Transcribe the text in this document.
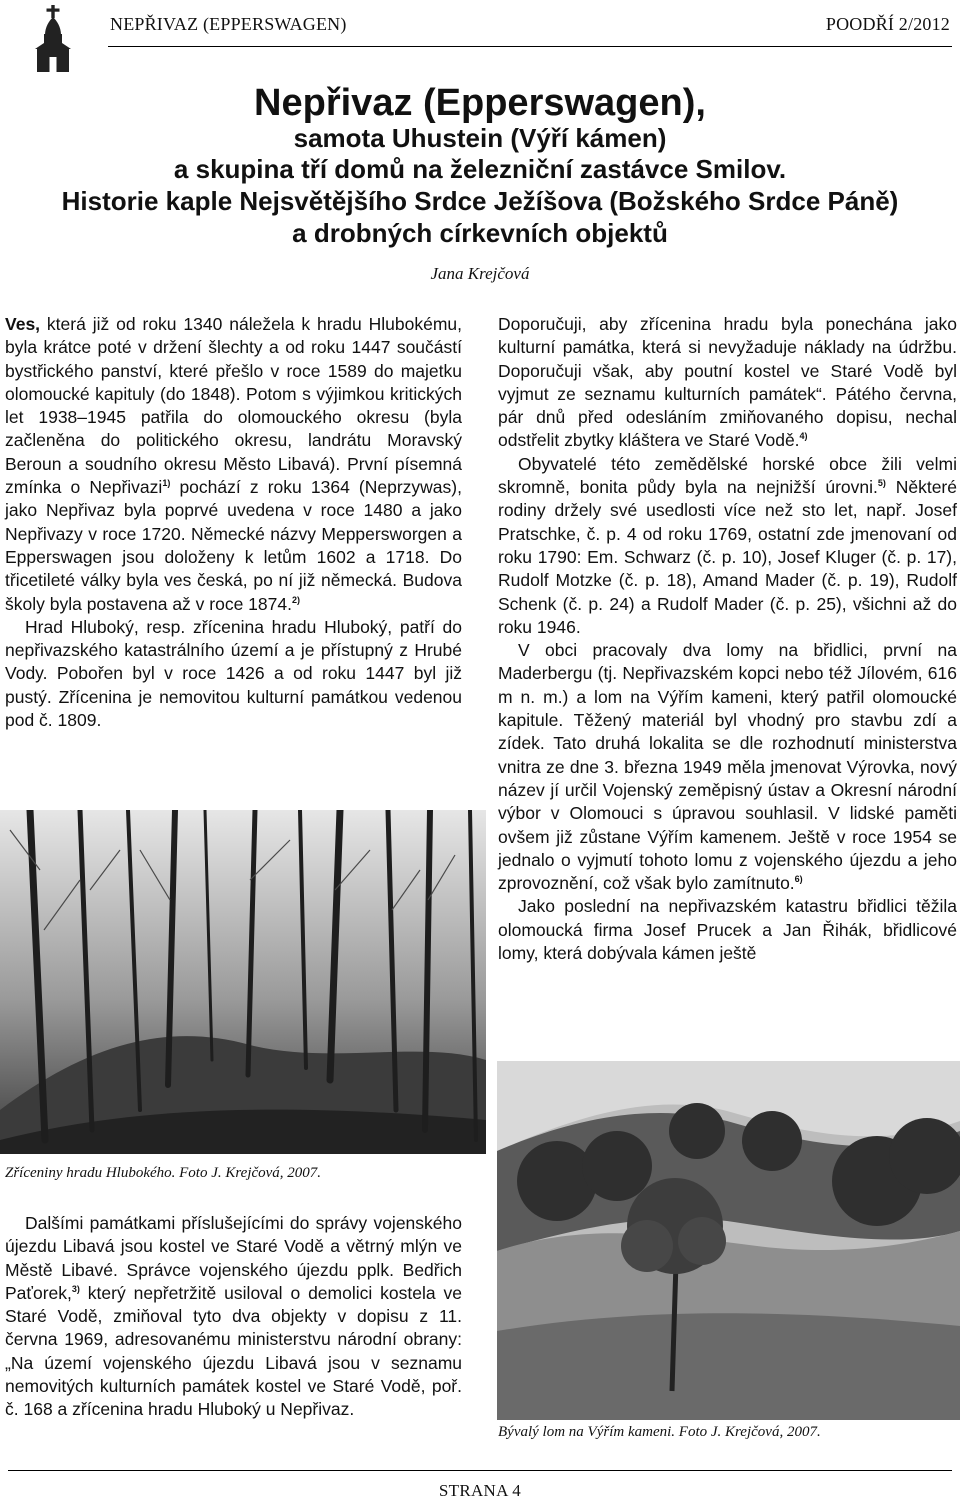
NEPŘIVAZ (EPPERSWAGEN)	POODŘÍ 2/2012
Nepřivaz (Epperswagen),
samota Uhustein (Výří kámen)
a skupina tří domů na železniční zastávce Smilov.
Historie kaple Nejsvětějšího Srdce Ježíšova (Božského Srdce Páně)
a drobných církevních objektů
Jana Krejčová

Ves, která již od roku 1340 náležela k hradu Hlubokému, byla krátce poté v držení šlechty a od roku 1447 součástí bystřického panství, které přešlo v roce 1589 do majetku olomoucké kapituly (do 1848). Potom s výjimkou kritických let 1938–1945 patřila do olomouckého okresu (byla začleněna do politického okresu, landrátu Moravský Beroun a soudního okresu Město Libavá). První písemná zmínka o Nepřivazi$^{1)}$ pochází z roku 1364 (Neprzywas), jako Nepřivaz byla poprvé uvedena v roce 1480 a jako Nepřivazy v roce 1720. Německé názvy Meppersworgen a Epperswagen jsou doloženy k letům 1602 a 1718. Do třicetileté války byla ves česká, po ní již německá. Budova školy byla postavena až v roce 1874.$^{2)}$

Hrad Hluboký, resp. zřícenina hradu Hluboký, patří do nepřivazského katastrálního území a je přístupný z Hrubé Vody. Pobořen byl v roce 1426 a od roku 1447 byl již pustý. Zřícenina je nemovitou kulturní památkou vedenou pod č. 1809.

Zříceniny hradu Hlubokého. Foto J. Krejčová, 2007.

Dalšími památkami příslušejícími do správy vojenského újezdu Libavá jsou kostel ve Staré Vodě a větrný mlýn ve Městě Libavé. Správce vojenského újezdu pplk. Bedřich Paťorek,$^{3)}$ který nepřetržitě usiloval o demolici kostela ve Staré Vodě, zmiňoval tyto dva objekty v dopisu z 11. června 1969, adresovanému ministerstvu národní obrany: „Na území vojenského újezdu Libavá jsou v seznamu nemovitých kulturních památek kostel ve Staré Vodě, poř. č. 168 a zřícenina hradu Hluboký u Nepřivaz.

Doporučuji, aby zřícenina hradu byla ponechána jako kulturní památka, která si nevyžaduje náklady na údržbu. Doporučuji však, aby poutní kostel ve Staré Vodě byl vyjmut ze seznamu kulturních památek“. Pátého června, pár dnů před odesláním zmiňovaného dopisu, nechal odstřelit zbytky kláštera ve Staré Vodě.$^{4)}$

Obyvatelé této zemědělské horské obce žili velmi skromně, bonita půdy byla na nejnižší úrovni.$^{5)}$ Některé rodiny držely své usedlosti více než sto let, např. Josef Pratschke, č. p. 4 od roku 1769, ostatní zde jmenovaní od roku 1790: Em. Schwarz (č. p. 10), Josef Kluger (č. p. 17), Rudolf Motzke (č. p. 18), Amand Mader (č. p. 19), Rudolf Schenk (č. p. 24) a Rudolf Mader (č. p. 25), všichni až do roku 1946.

V obci pracovaly dva lomy na břidlici, první na Maderbergu (tj. Nepřivazském kopci nebo též Jílovém, 616 m n. m.) a lom na Výřím kameni, který patřil olomoucké kapitule. Těžený materiál byl vhodný pro stavbu zdí a zídek. Tato druhá lokalita se dle rozhodnutí ministerstva vnitra ze dne 3. března 1949 měla jmenovat Výrovka, nový název jí určil Vojenský zeměpisný ústav a Okresní národní výbor v Olomouci s úpravou souhlasil. V lidské paměti ovšem již zůstane Výřím kamenem. Ještě v roce 1954 se jednalo o vyjmutí tohoto lomu z vojenského újezdu a jeho zprovoznění, což však bylo zamítnuto.$^{6)}$

Jako poslední na nepřivazském katastru břidlici těžila olomoucká firma Josef Prucek a Jan Řihák, břidlicové lomy, která dobývala kámen ještě

Bývalý lom na Výřím kameni. Foto J. Krejčová, 2007.
STRANA 4
